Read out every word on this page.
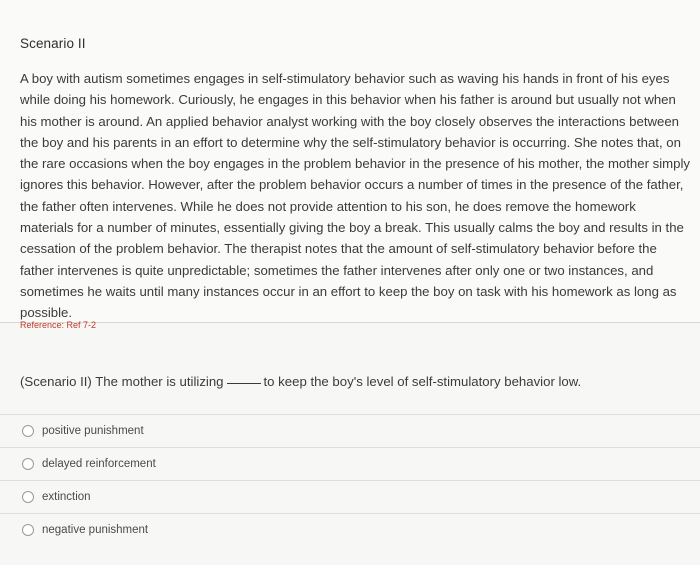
Scenario II
A boy with autism sometimes engages in self-stimulatory behavior such as waving his hands in front of his eyes while doing his homework. Curiously, he engages in this behavior when his father is around but usually not when his mother is around. An applied behavior analyst working with the boy closely observes the interactions between the boy and his parents in an effort to determine why the self-stimulatory behavior is occurring. She notes that, on the rare occasions when the boy engages in the problem behavior in the presence of his mother, the mother simply ignores this behavior. However, after the problem behavior occurs a number of times in the presence of the father, the father often intervenes. While he does not provide attention to his son, he does remove the homework materials for a number of minutes, essentially giving the boy a break. This usually calms the boy and results in the cessation of the problem behavior. The therapist notes that the amount of self-stimulatory behavior before the father intervenes is quite unpredictable; sometimes the father intervenes after only one or two instances, and sometimes he waits until many instances occur in an effort to keep the boy on task with his homework as long as possible.
Reference: Ref 7-2
(Scenario II) The mother is utilizing	to keep the boy's level of self-stimulatory behavior low.
positive punishment
delayed reinforcement
extinction
negative punishment
